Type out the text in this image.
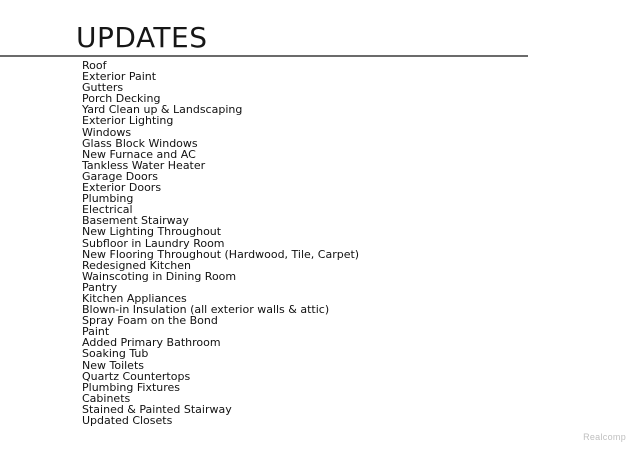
UPDATES
Roof
Exterior Paint
Gutters
Porch Decking
Yard Clean up & Landscaping
Exterior Lighting
Windows
Glass Block Windows
New Furnace and AC
Tankless Water Heater
Garage Doors
Exterior Doors
Plumbing
Electrical
Basement Stairway
New Lighting Throughout
Subfloor in Laundry Room
New Flooring Throughout (Hardwood, Tile, Carpet)
Redesigned Kitchen
Wainscoting in Dining Room
Pantry
Kitchen Appliances
Blown-in Insulation (all exterior walls & attic)
Spray Foam on the Bond
Paint
Added Primary Bathroom
Soaking Tub
New Toilets
Quartz Countertops
Plumbing Fixtures
Cabinets
Stained & Painted Stairway
Updated Closets
Realcomp
